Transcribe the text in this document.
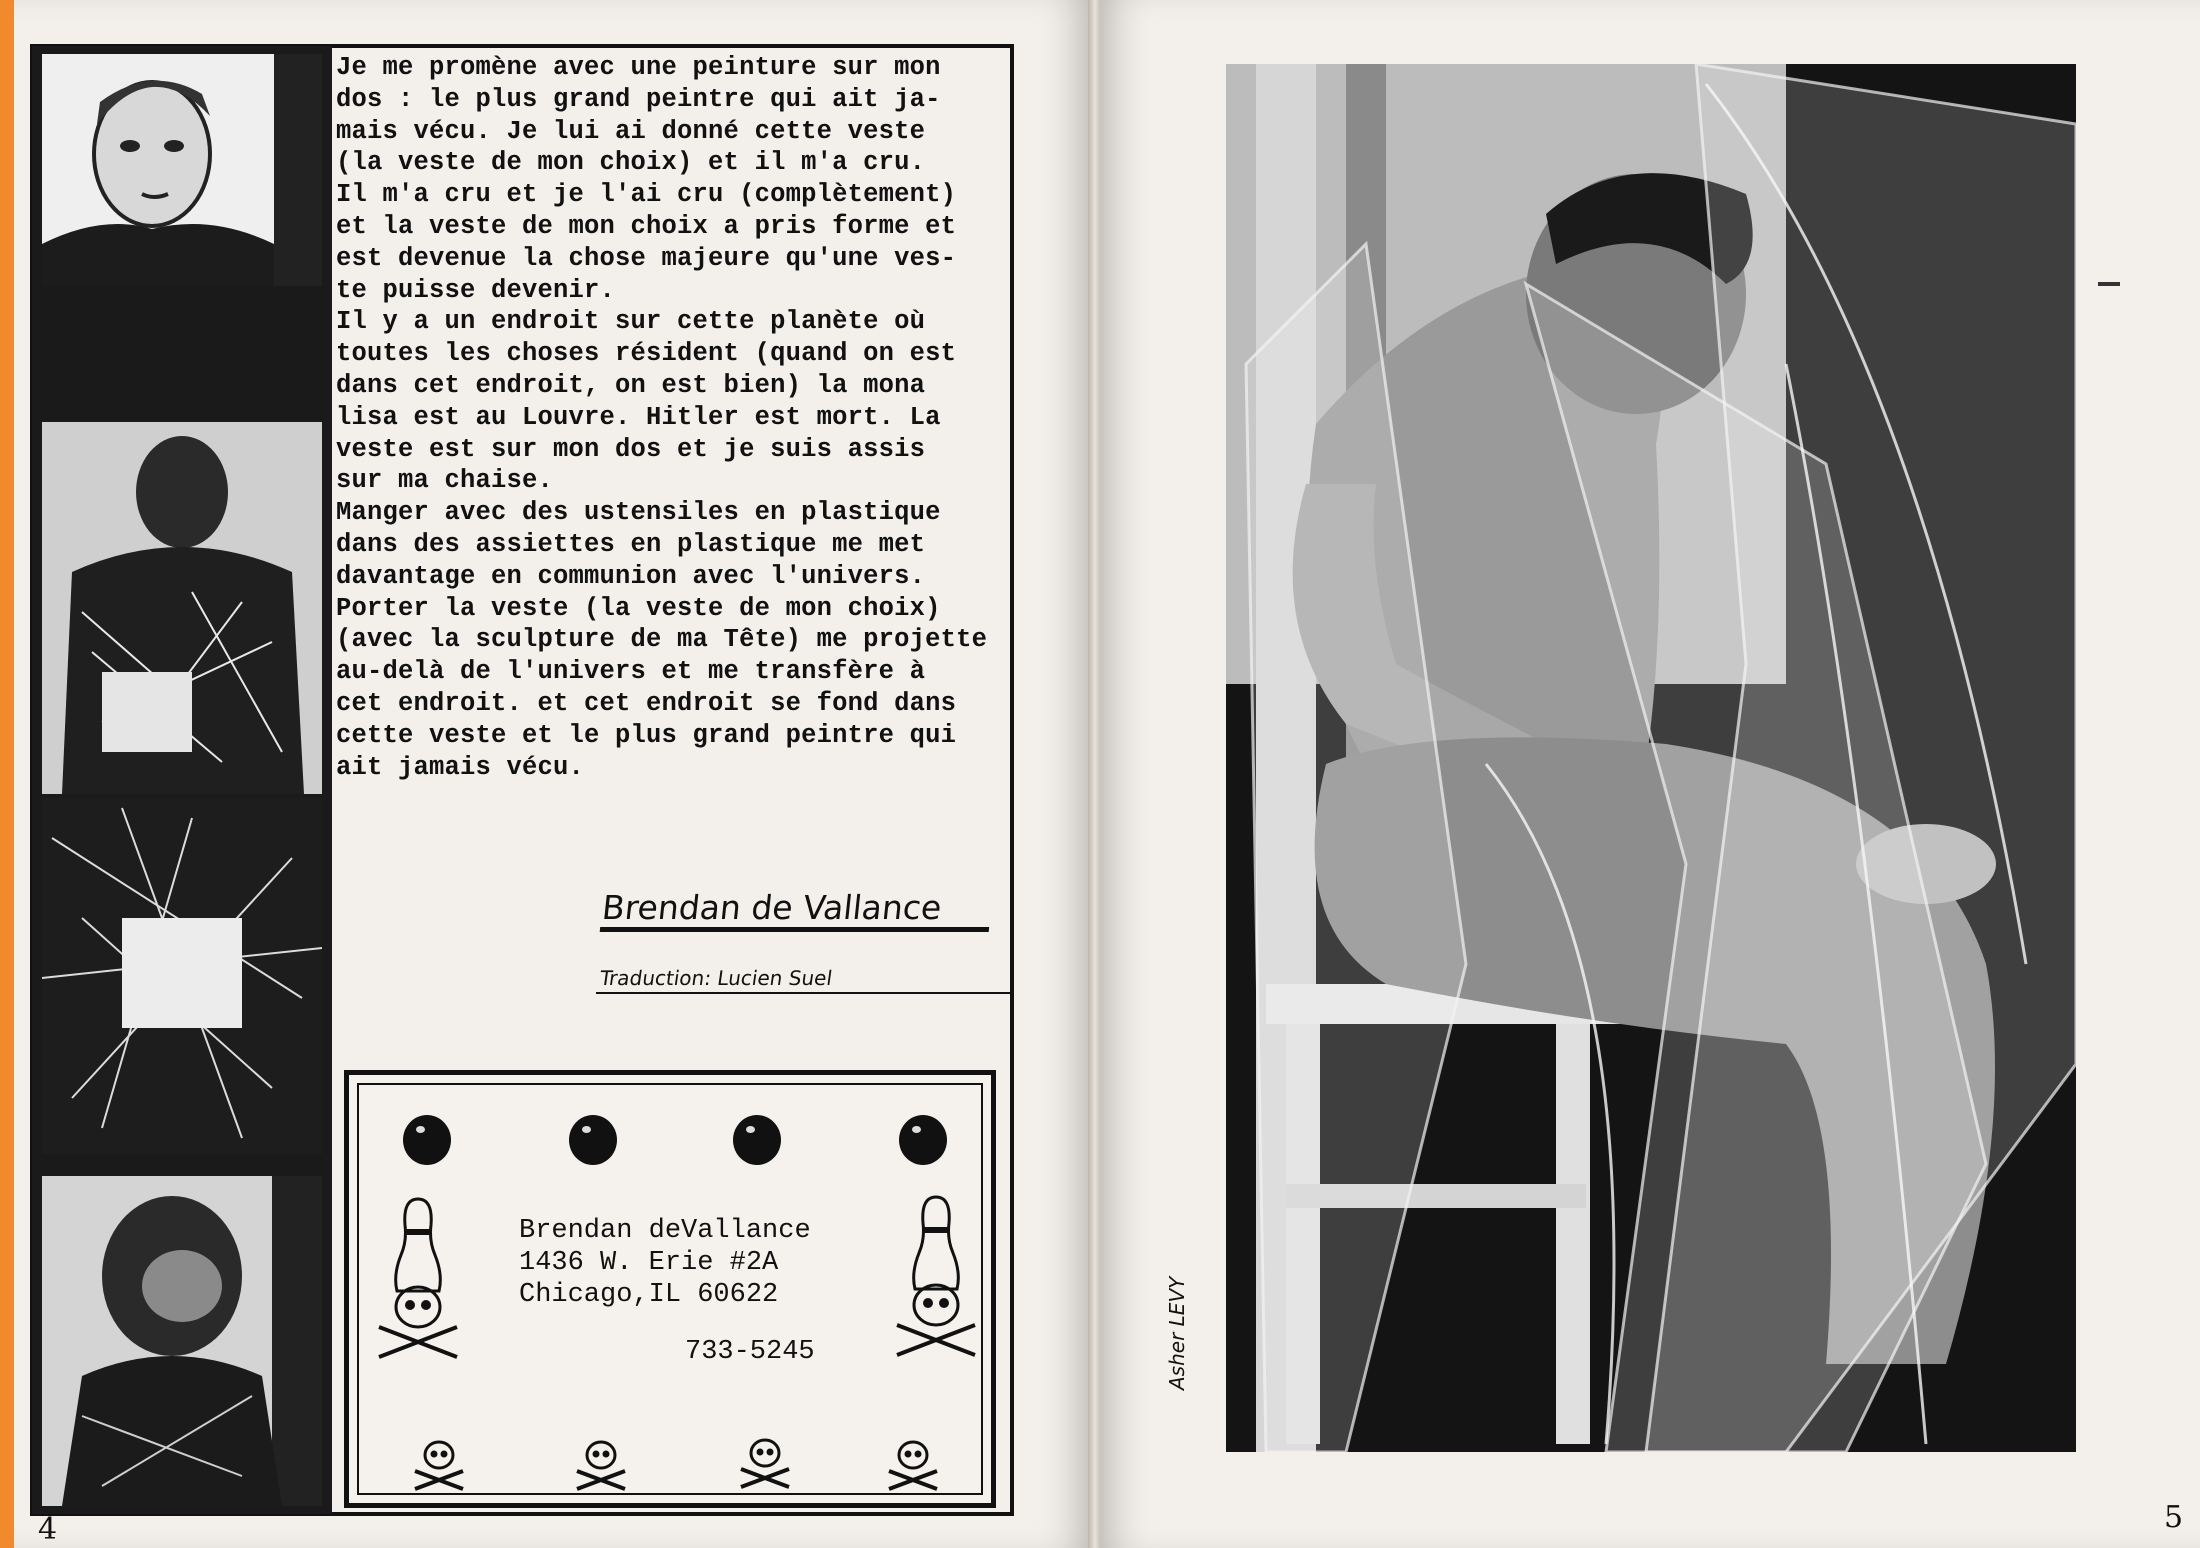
Je me promène avec une peinture sur mon

dos : le plus grand peintre qui ait ja-

mais vécu. Je lui ai donné cette veste

(la veste de mon choix) et il m'a cru.

Il m'a cru et je l'ai cru (complètement)

et la veste de mon choix a pris forme et

est devenue la chose majeure qu'une ves-

te puisse devenir.

Il y a un endroit sur cette planète où

toutes les choses résident (quand on est

dans cet endroit, on est bien) la mona

lisa est au Louvre. Hitler est mort. La

veste est sur mon dos et je suis assis

sur ma chaise.

Manger avec des ustensiles en plastique

dans des assiettes en plastique me met

davantage en communion avec l'univers.

Porter la veste (la veste de mon choix)

(avec la sculpture de ma Tête) me projette

au-delà de l'univers et me transfère à

cet endroit. et cet endroit se fond dans

cette veste et le plus grand peintre qui

ait jamais vécu.

Brendan de Vallance
Traduction: Lucien Suel
Brendan deVallance
1436 W. Erie #2A
Chicago,IL 60622
733-5245
4
Asher LEVY
5
